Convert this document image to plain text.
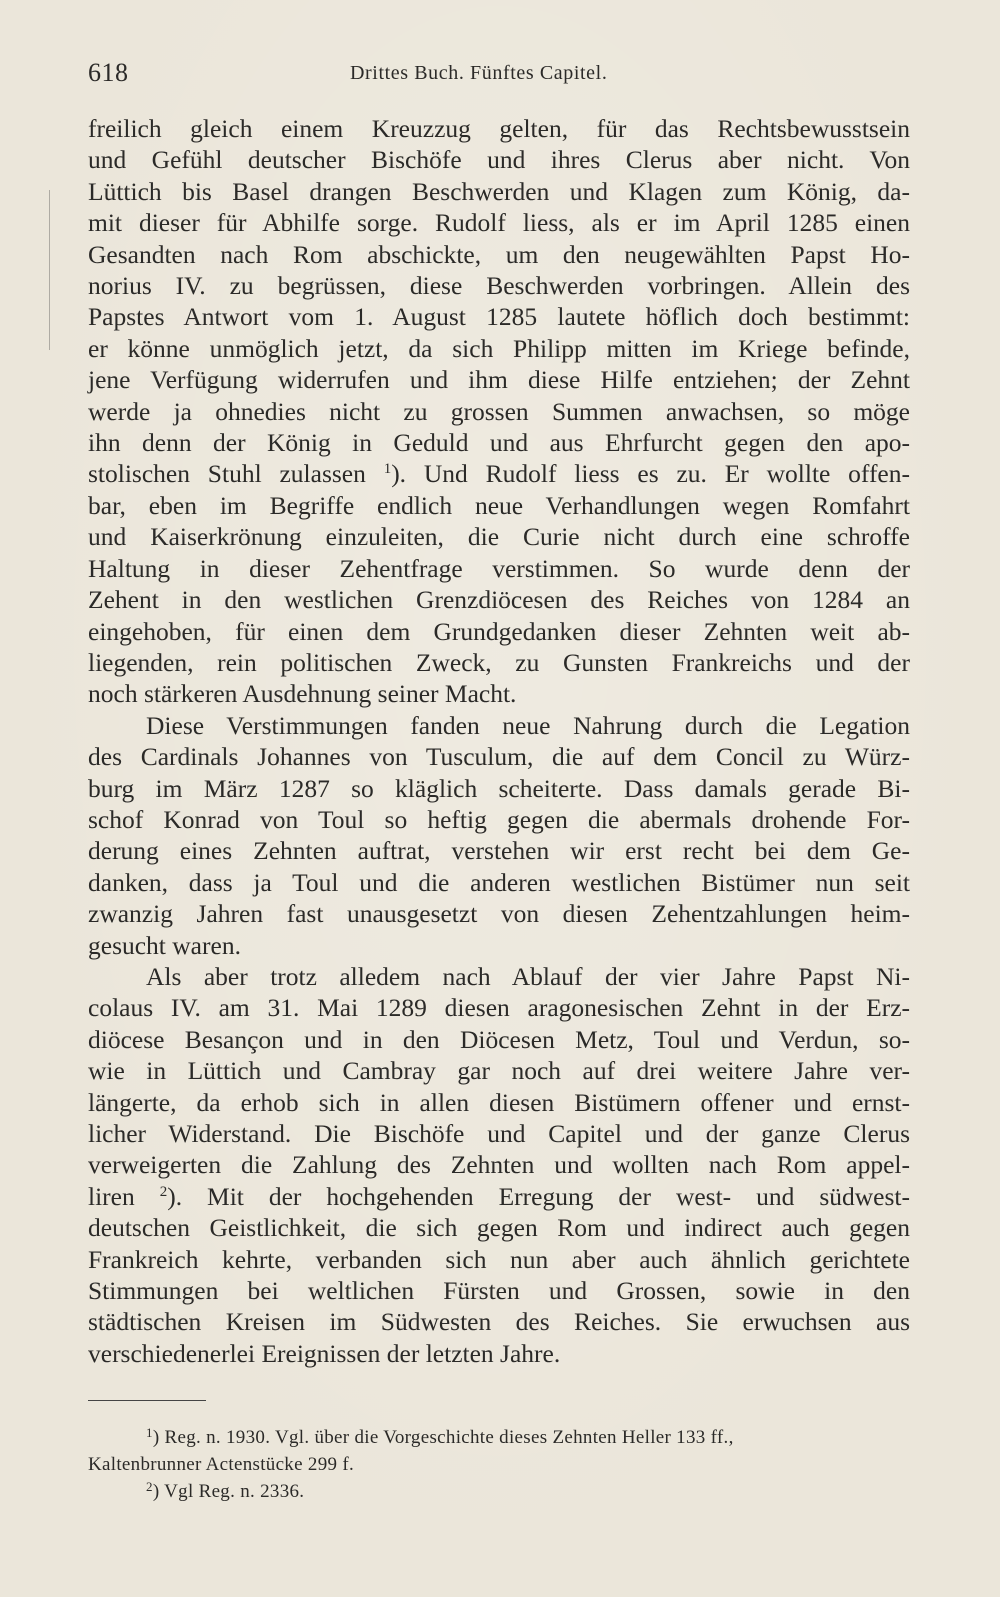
618	Drittes Buch. Fünftes Capitel.
freilich gleich einem Kreuzzug gelten, für das Rechtsbewusstsein
und Gefühl deutscher Bischöfe und ihres Clerus aber nicht. Von
Lüttich bis Basel drangen Beschwerden und Klagen zum König, da-
mit dieser für Abhilfe sorge. Rudolf liess, als er im April 1285 einen
Gesandten nach Rom abschickte, um den neugewählten Papst Ho-
norius IV. zu begrüssen, diese Beschwerden vorbringen. Allein des
Papstes Antwort vom 1. August 1285 lautete höflich doch bestimmt:
er könne unmöglich jetzt, da sich Philipp mitten im Kriege befinde,
jene Verfügung widerrufen und ihm diese Hilfe entziehen; der Zehnt
werde ja ohnedies nicht zu grossen Summen anwachsen, so möge
ihn denn der König in Geduld und aus Ehrfurcht gegen den apo-
stolischen Stuhl zulassen $^1$). Und Rudolf liess es zu. Er wollte offen-
bar, eben im Begriffe endlich neue Verhandlungen wegen Romfahrt
und Kaiserkrönung einzuleiten, die Curie nicht durch eine schroffe
Haltung in dieser Zehentfrage verstimmen. So wurde denn der
Zehent in den westlichen Grenzdiöcesen des Reiches von 1284 an
eingehoben, für einen dem Grundgedanken dieser Zehnten weit ab-
liegenden, rein politischen Zweck, zu Gunsten Frankreichs und der
noch stärkeren Ausdehnung seiner Macht.
Diese Verstimmungen fanden neue Nahrung durch die Legation
des Cardinals Johannes von Tusculum, die auf dem Concil zu Würz-
burg im März 1287 so kläglich scheiterte. Dass damals gerade Bi-
schof Konrad von Toul so heftig gegen die abermals drohende For-
derung eines Zehnten auftrat, verstehen wir erst recht bei dem Ge-
danken, dass ja Toul und die anderen westlichen Bistümer nun seit
zwanzig Jahren fast unausgesetzt von diesen Zehentzahlungen heim-
gesucht waren.
Als aber trotz alledem nach Ablauf der vier Jahre Papst Ni-
colaus IV. am 31. Mai 1289 diesen aragonesischen Zehnt in der Erz-
diöcese Besançon und in den Diöcesen Metz, Toul und Verdun, so-
wie in Lüttich und Cambray gar noch auf drei weitere Jahre ver-
längerte, da erhob sich in allen diesen Bistümern offener und ernst-
licher Widerstand. Die Bischöfe und Capitel und der ganze Clerus
verweigerten die Zahlung des Zehnten und wollten nach Rom appel-
liren $^2$). Mit der hochgehenden Erregung der west- und südwest-
deutschen Geistlichkeit, die sich gegen Rom und indirect auch gegen
Frankreich kehrte, verbanden sich nun aber auch ähnlich gerichtete
Stimmungen bei weltlichen Fürsten und Grossen, sowie in den
städtischen Kreisen im Südwesten des Reiches. Sie erwuchsen aus
verschiedenerlei Ereignissen der letzten Jahre.
$^1$) Reg. n. 1930. Vgl. über die Vorgeschichte dieses Zehnten Heller 133 ff.,
Kaltenbrunner Actenstücke 299 f.
$^2$) Vgl Reg. n. 2336.
